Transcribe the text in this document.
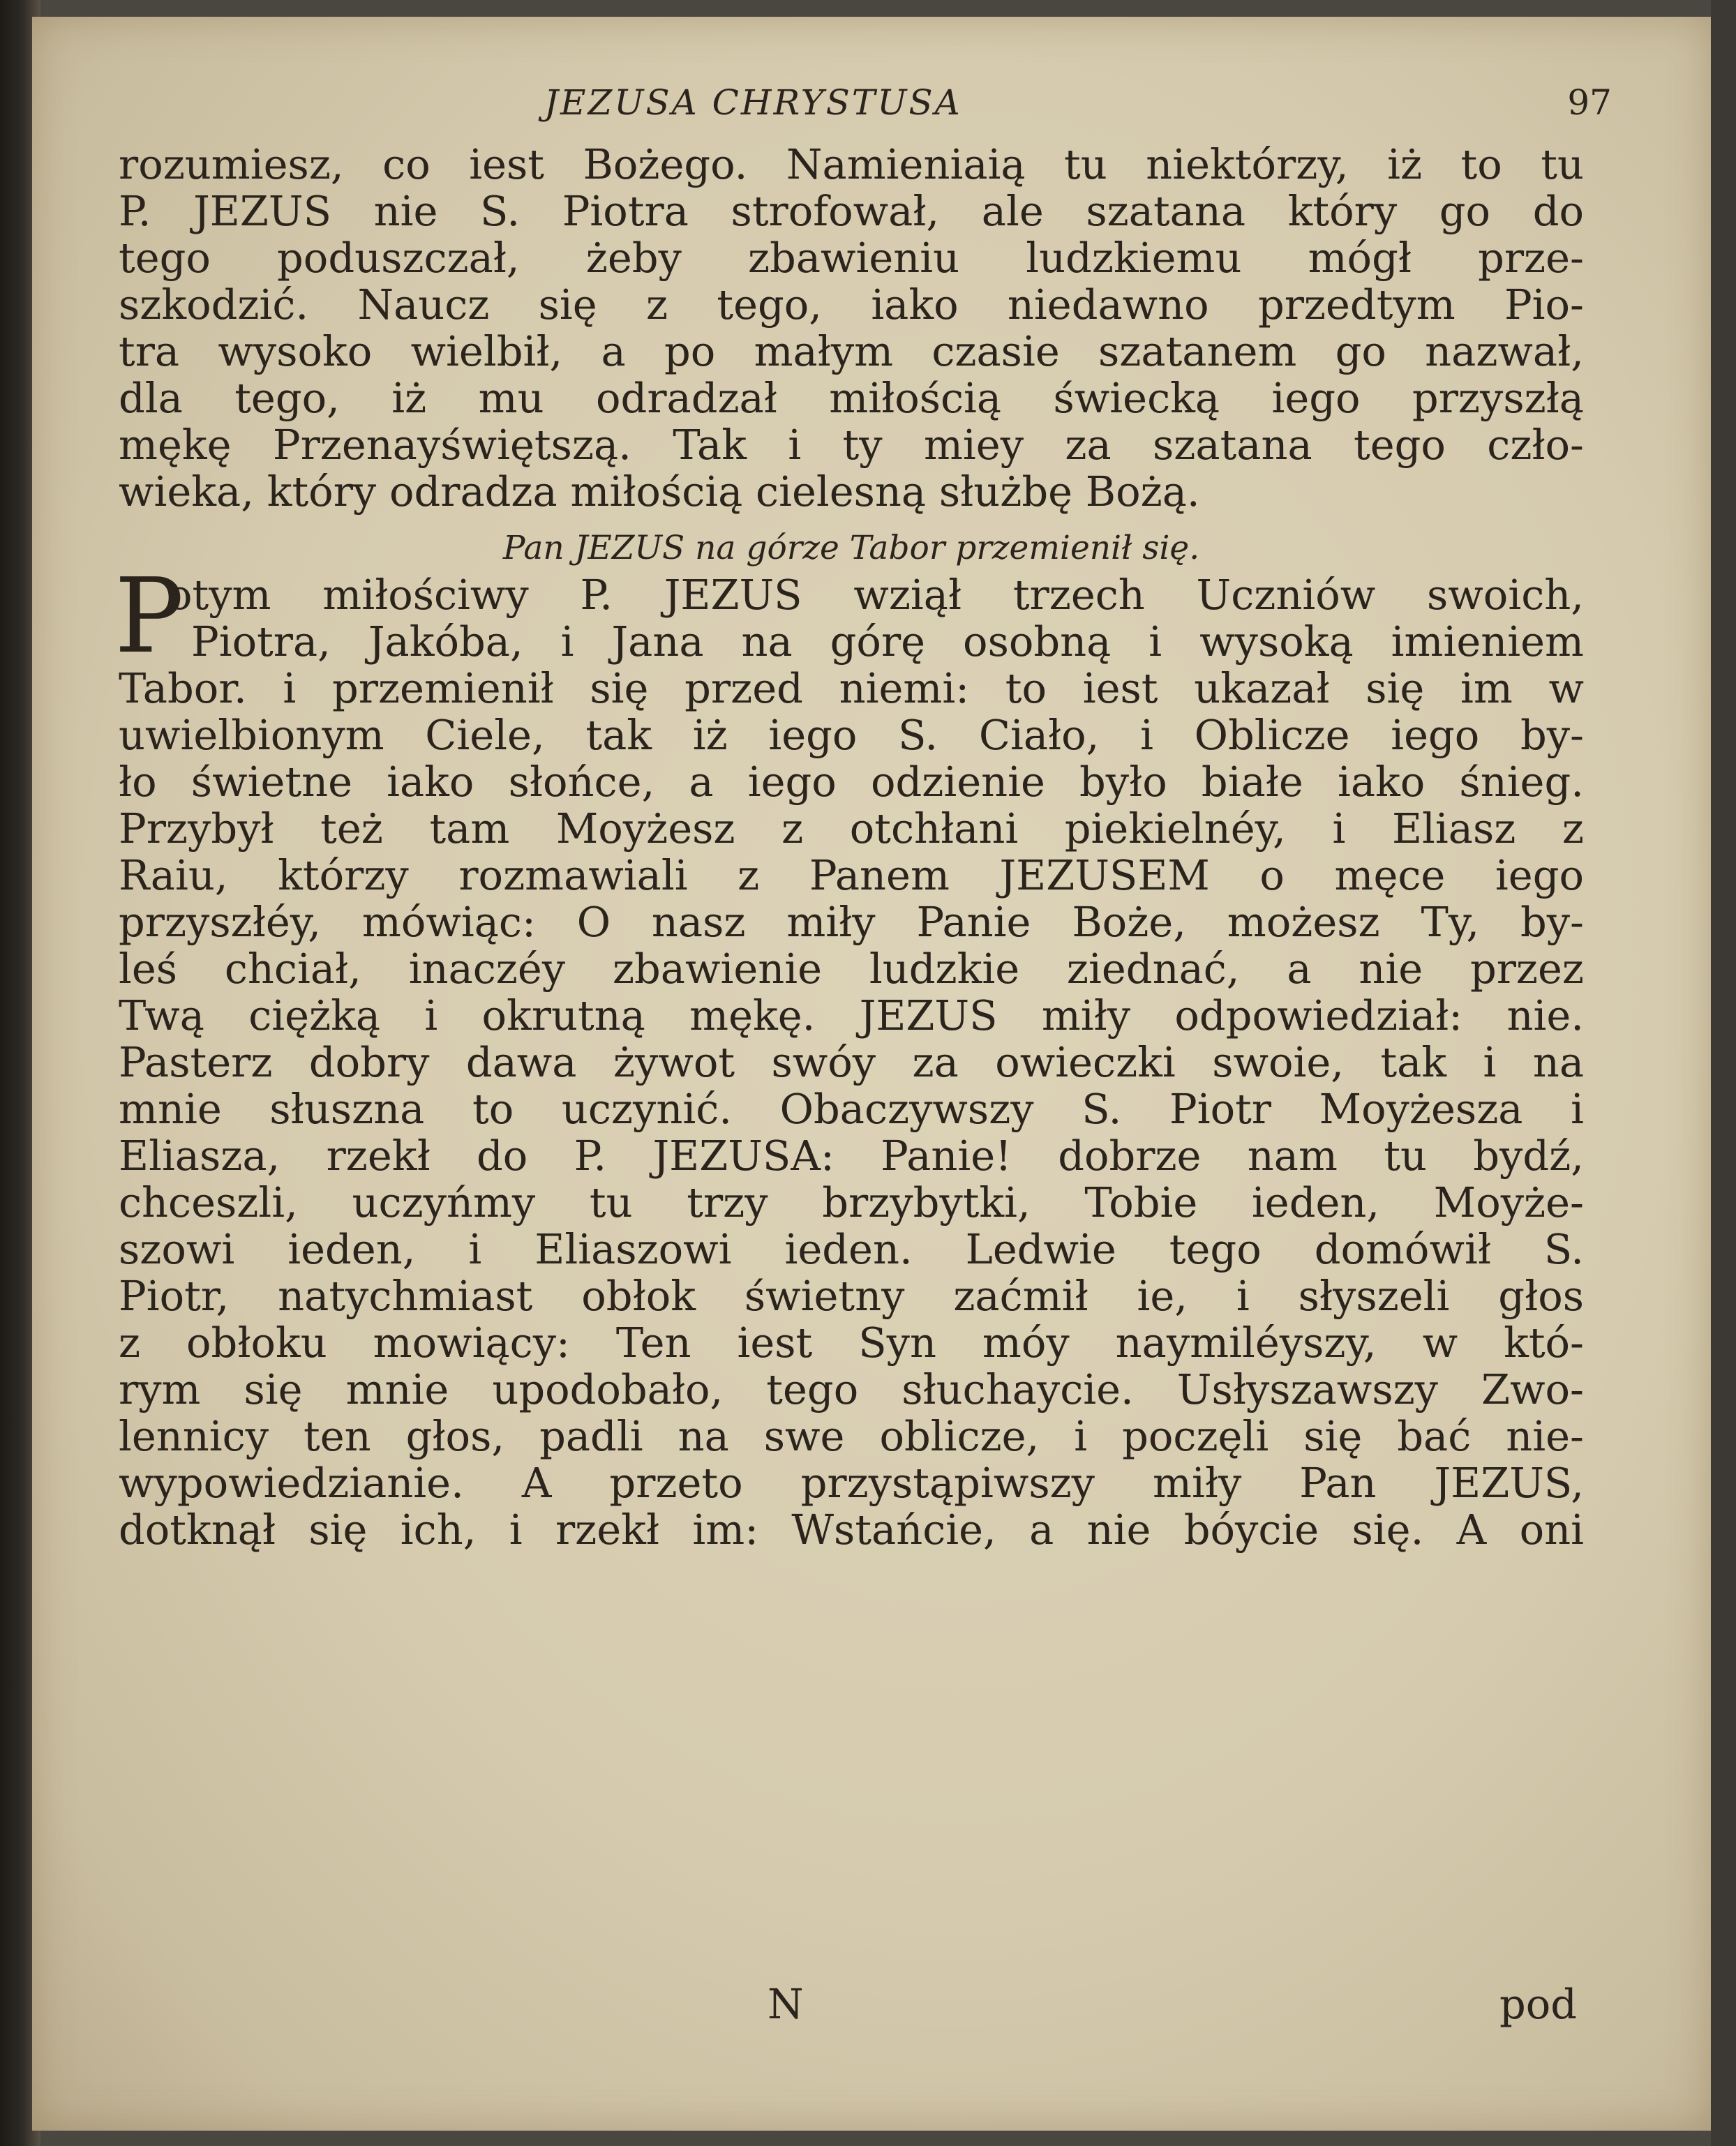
JEZUSA CHRYSTUSA	97
rozumiesz, co iest Bożego. Namieniaią tu niektórzy, iż to tu
P. JEZUS nie S. Piotra strofował, ale szatana który go do
tego poduszczał, żeby zbawieniu ludzkiemu mógł prze-
szkodzić. Naucz się z tego, iako niedawno przedtym Pio-
tra wysoko wielbił, a po małym czasie szatanem go nazwał,
dla tego, iż mu odradzał miłością świecką iego przyszłą
mękę Przenayświętszą. Tak i ty miey za szatana tego czło-
wieka, który odradza miłością cielesną służbę Bożą.
Pan JEZUS na górze Tabor przemienił się.
P
otym miłościwy P. JEZUS wziął trzech Uczniów swoich,
Piotra, Jakóba, i Jana na górę osobną i wysoką imieniem
Tabor. i przemienił się przed niemi: to iest ukazał się im w
uwielbionym Ciele, tak iż iego S. Ciało, i Oblicze iego by-
ło świetne iako słońce, a iego odzienie było białe iako śnieg.
Przybył też tam Moyżesz z otchłani piekielnéy, i Eliasz z
Raiu, którzy rozmawiali z Panem JEZUSEM o męce iego
przyszłéy, mówiąc: O nasz miły Panie Boże, możesz Ty, by-
leś chciał, inaczéy zbawienie ludzkie ziednać, a nie przez
Twą ciężką i okrutną mękę. JEZUS miły odpowiedział: nie.
Pasterz dobry dawa żywot swóy za owieczki swoie, tak i na
mnie słuszna to uczynić. Obaczywszy S. Piotr Moyżesza i
Eliasza, rzekł do P. JEZUSA: Panie! dobrze nam tu bydź,
chceszli, uczyńmy tu trzy brzybytki, Tobie ieden, Moyże-
szowi ieden, i Eliaszowi ieden. Ledwie tego domówił S.
Piotr, natychmiast obłok świetny zaćmił ie, i słyszeli głos
z obłoku mowiący: Ten iest Syn móy naymiléyszy, w któ-
rym się mnie upodobało, tego słuchaycie. Usłyszawszy Zwo-
lennicy ten głos, padli na swe oblicze, i poczęli się bać nie-
wypowiedzianie. A przeto przystąpiwszy miły Pan JEZUS,
dotknął się ich, i rzekł im: Wstańcie, a nie bóycie się. A oni
N	pod
